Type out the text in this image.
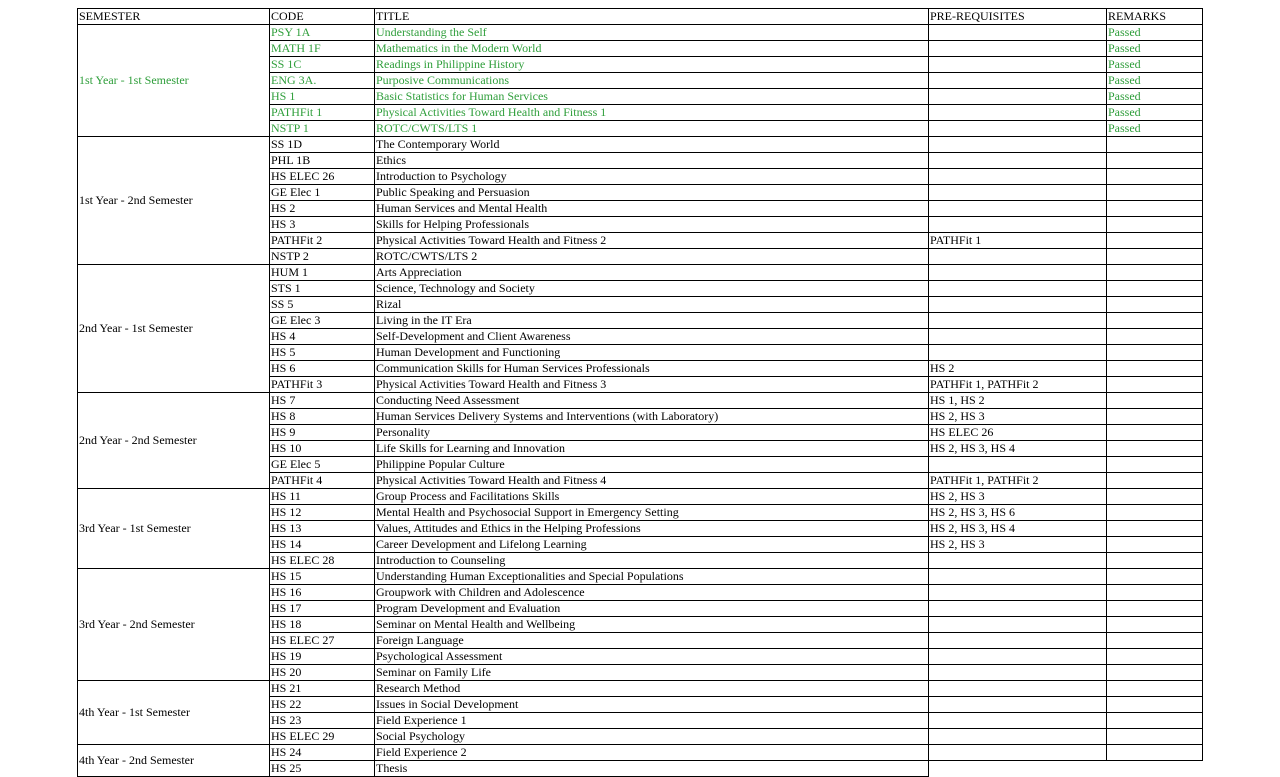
SEMESTER	CODE	TITLE	PRE-REQUISITES	REMARKS
1st Year - 1st Semester	PSY 1A	Understanding the Self		Passed
	MATH 1F	Mathematics in the Modern World		Passed
	SS 1C	Readings in Philippine History		Passed
	ENG 3A.	Purposive Communications		Passed
	HS 1	Basic Statistics for Human Services		Passed
	PATHFit 1	Physical Activities Toward Health and Fitness 1		Passed
	NSTP 1	ROTC/CWTS/LTS 1		Passed
1st Year - 2nd Semester	SS 1D	The Contemporary World		
	PHL 1B	Ethics		
	HS ELEC 26	Introduction to Psychology		
	GE Elec 1	Public Speaking and Persuasion		
	HS 2	Human Services and Mental Health		
	HS 3	Skills for Helping Professionals		
	PATHFit 2	Physical Activities Toward Health and Fitness 2	PATHFit 1	
	NSTP 2	ROTC/CWTS/LTS 2		
2nd Year - 1st Semester	HUM 1	Arts Appreciation		
	STS 1	Science, Technology and Society		
	SS 5	Rizal		
	GE Elec 3	Living in the IT Era		
	HS 4	Self-Development and Client Awareness		
	HS 5	Human Development and Functioning		
	HS 6	Communication Skills for Human Services Professionals	HS 2	
	PATHFit 3	Physical Activities Toward Health and Fitness 3	PATHFit 1, PATHFit 2	
2nd Year - 2nd Semester	HS 7	Conducting Need Assessment	HS 1, HS 2	
	HS 8	Human Services Delivery Systems and Interventions (with Laboratory)	HS 2, HS 3	
	HS 9	Personality	HS ELEC 26	
	HS 10	Life Skills for Learning and Innovation	HS 2, HS 3, HS 4	
	GE Elec 5	Philippine Popular Culture		
	PATHFit 4	Physical Activities Toward Health and Fitness 4	PATHFit 1, PATHFit 2	
3rd Year - 1st Semester	HS 11	Group Process and Facilitations Skills	HS 2, HS 3	
	HS 12	Mental Health and Psychosocial Support in Emergency Setting	HS 2, HS 3, HS 6	
	HS 13	Values, Attitudes and Ethics in the Helping Professions	HS 2, HS 3, HS 4	
	HS 14	Career Development and Lifelong Learning	HS 2, HS 3	
	HS ELEC 28	Introduction to Counseling		
3rd Year - 2nd Semester	HS 15	Understanding Human Exceptionalities and Special Populations		
	HS 16	Groupwork with Children and Adolescence		
	HS 17	Program Development and Evaluation		
	HS 18	Seminar on Mental Health and Wellbeing		
	HS ELEC 27	Foreign Language		
	HS 19	Psychological Assessment		
	HS 20	Seminar on Family Life		
4th Year - 1st Semester	HS 21	Research Method		
	HS 22	Issues in Social Development		
	HS 23	Field Experience 1		
	HS ELEC 29	Social Psychology		
4th Year - 2nd Semester	HS 24	Field Experience 2		
	HS 25	Thesis		
